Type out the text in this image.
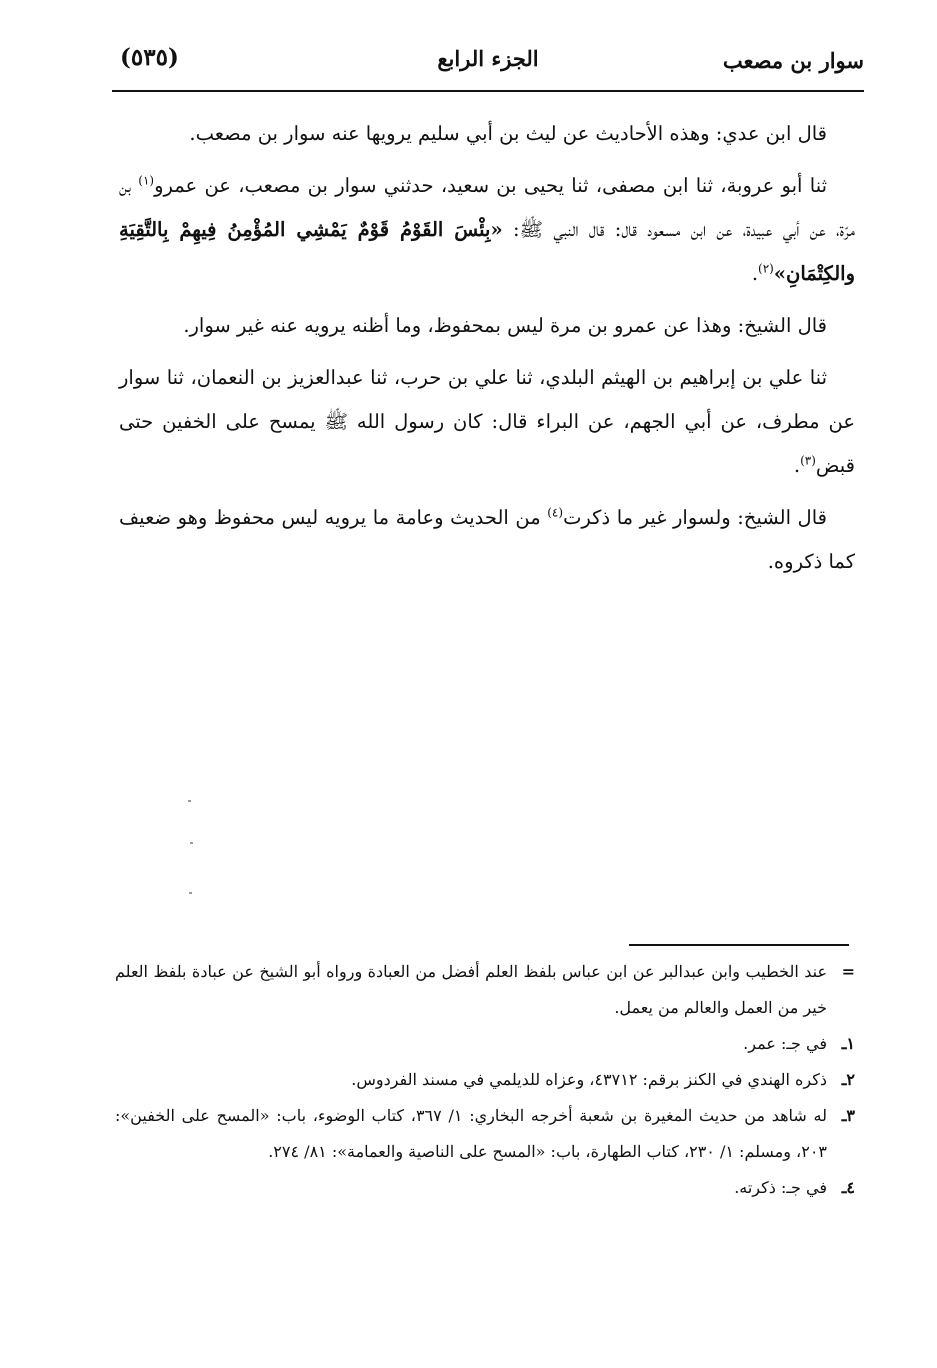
سوار بن مصعب
الجزء الرابع
(٥٣٥)

قال ابن عدي: وهذه الأحاديث عن ليث بن أبي سليم يرويها عنه سوار بن مصعب.

ثنا أبو عروبة، ثنا ابن مصفى، ثنا يحيى بن سعيد، حدثني سوار بن مصعب، عن عمرو$^{(١)}$ بن مرّة، عن أبي عبيدة، عن ابن مسعود قال: قال النبي ﷺ: «بِئْسَ القَوْمُ قَوْمٌ يَمْشِي المُؤْمِنُ فِيهِمْ بِالتَّقِيَةِ والكِتْمَانِ»$^{(٢)}$.

قال الشيخ: وهذا عن عمرو بن مرة ليس بمحفوظ، وما أظنه يرويه عنه غير سوار.

ثنا علي بن إبراهيم بن الهيثم البلدي، ثنا علي بن حرب، ثنا عبدالعزيز بن النعمان، ثنا سوار عن مطرف، عن أبي الجهم، عن البراء قال: كان رسول الله ﷺ يمسح على الخفين حتى قبض$^{(٣)}$.

قال الشيخ: ولسوار غير ما ذكرت$^{(٤)}$ من الحديث وعامة ما يرويه ليس محفوظ وهو ضعيف كما ذكروه.

=
عند الخطيب وابن عبدالبر عن ابن عباس بلفظ العلم أفضل من العبادة ورواه أبو الشيخ عن عبادة بلفظ العلم خير من العمل والعالم من يعمل.

١ـ
في جـ: عمر.

٢ـ
ذكره الهندي في الكنز برقم: ٤٣٧١٢، وعزاه للديلمي في مسند الفردوس.

٣ـ
له شاهد من حديث المغيرة بن شعبة أخرجه البخاري: ١/ ٣٦٧، كتاب الوضوء، باب: «المسح على الخفين»: ٢٠٣، ومسلم: ١/ ٢٣٠، كتاب الطهارة، باب: «المسح على الناصية والعمامة»: ٨١/ ٢٧٤.

٤ـ
في جـ: ذكرته.
